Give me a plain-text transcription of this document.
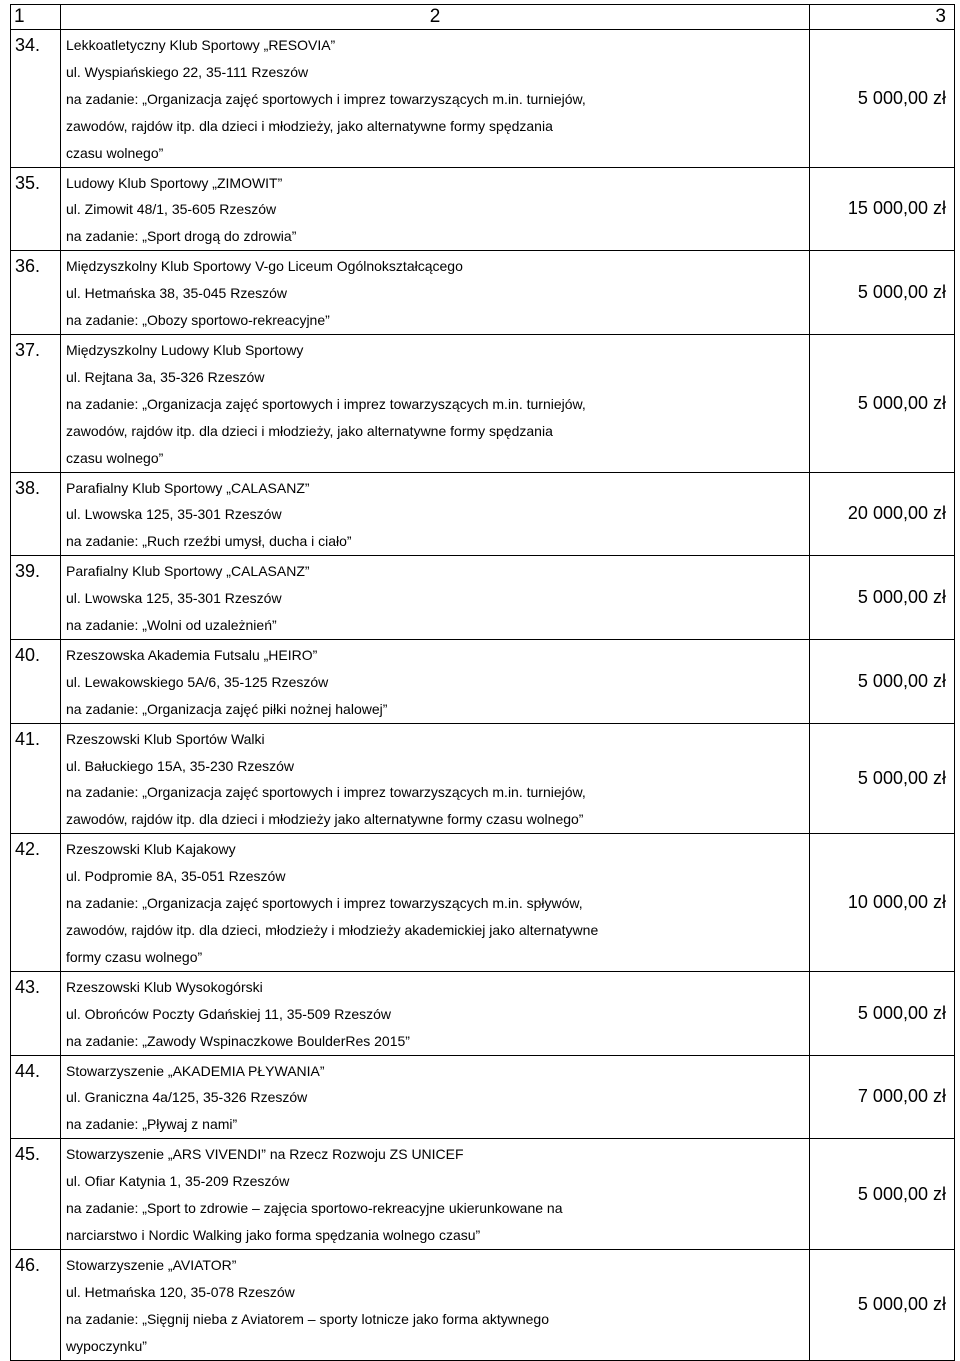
1	2	3
34.	Lekkoatletyczny Klub Sportowy „RESOVIA”
ul. Wyspiańskiego 22, 35-111 Rzeszów
na zadanie: „Organizacja zajęć sportowych i imprez towarzyszących m.in. turniejów,
zawodów, rajdów itp. dla dzieci i młodzieży, jako alternatywne formy spędzania
czasu wolnego”	5 000,00 zł
35.	Ludowy Klub Sportowy „ZIMOWIT”
ul. Zimowit 48/1, 35-605 Rzeszów
na zadanie: „Sport drogą do zdrowia”	15 000,00 zł
36.	Międzyszkolny Klub Sportowy V-go Liceum Ogólnokształcącego
ul. Hetmańska 38, 35-045 Rzeszów
na zadanie: „Obozy sportowo-rekreacyjne”	5 000,00 zł
37.	Międzyszkolny Ludowy Klub Sportowy
ul. Rejtana 3a, 35-326 Rzeszów
na zadanie: „Organizacja zajęć sportowych i imprez towarzyszących m.in. turniejów,
zawodów, rajdów itp. dla dzieci i młodzieży, jako alternatywne formy spędzania
czasu wolnego”	5 000,00 zł
38.	Parafialny Klub Sportowy „CALASANZ”
ul. Lwowska 125, 35-301 Rzeszów
na zadanie: „Ruch rzeźbi umysł, ducha i ciało”	20 000,00 zł
39.	Parafialny Klub Sportowy „CALASANZ”
ul. Lwowska 125, 35-301 Rzeszów
na zadanie: „Wolni od uzależnień”	5 000,00 zł
40.	Rzeszowska Akademia Futsalu „HEIRO”
ul. Lewakowskiego 5A/6, 35-125 Rzeszów
na zadanie: „Organizacja zajęć piłki nożnej halowej”	5 000,00 zł
41.	Rzeszowski Klub Sportów Walki
ul. Bałuckiego 15A, 35-230 Rzeszów
na zadanie: „Organizacja zajęć sportowych i imprez towarzyszących m.in. turniejów,
zawodów, rajdów itp. dla dzieci i młodzieży jako alternatywne formy czasu wolnego”	5 000,00 zł
42.	Rzeszowski Klub Kajakowy
ul. Podpromie 8A, 35-051 Rzeszów
na zadanie: „Organizacja zajęć sportowych i imprez towarzyszących m.in. spływów,
zawodów, rajdów itp. dla dzieci, młodzieży i młodzieży akademickiej jako alternatywne
formy czasu wolnego”	10 000,00 zł
43.	Rzeszowski Klub Wysokogórski
ul. Obrońców Poczty Gdańskiej 11, 35-509 Rzeszów
na zadanie: „Zawody Wspinaczkowe BoulderRes 2015”	5 000,00 zł
44.	Stowarzyszenie „AKADEMIA PŁYWANIA”
ul. Graniczna 4a/125, 35-326 Rzeszów
na zadanie: „Pływaj z nami”	7 000,00 zł
45.	Stowarzyszenie „ARS VIVENDI” na Rzecz Rozwoju ZS UNICEF
ul. Ofiar Katynia 1, 35-209 Rzeszów
na zadanie: „Sport to zdrowie – zajęcia sportowo-rekreacyjne ukierunkowane na
narciarstwo i Nordic Walking jako forma spędzania wolnego czasu”	5 000,00 zł
46.	Stowarzyszenie „AVIATOR”
ul. Hetmańska 120, 35-078 Rzeszów
na zadanie: „Sięgnij nieba z Aviatorem – sporty lotnicze jako forma aktywnego
wypoczynku”	5 000,00 zł
